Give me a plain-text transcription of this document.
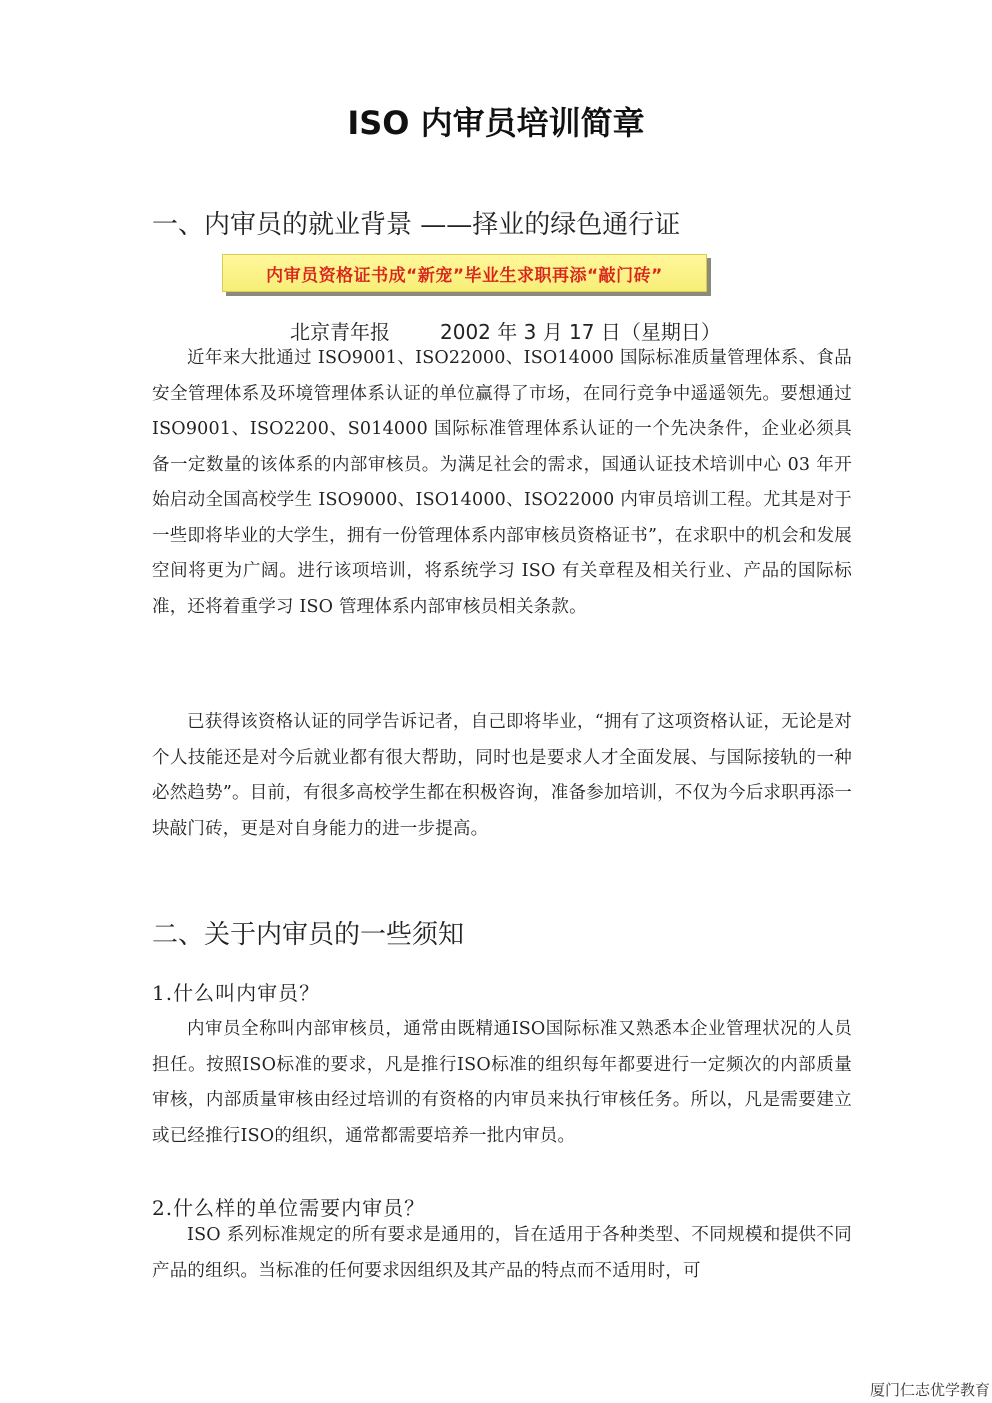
ISO 内审员培训简章
一、内审员的就业背景 ——择业的绿色通行证
内审员资格证书成“新宠”毕业生求职再添“敲门砖”
北京青年报	2002 年 3 月 17 日（星期日）

近年来大批通过 ISO9001、ISO22000、ISO14000 国际标准质量管理体系、食品安全管理体系及环境管理体系认证的单位赢得了市场，在同行竞争中遥遥领先。要想通过 ISO9001、ISO2200、S014000 国际标准管理体系认证的一个先决条件，企业必须具备一定数量的该体系的内部审核员。为满足社会的需求，国通认证技术培训中心 03 年开始启动全国高校学生 ISO9000、ISO14000、ISO22000 内审员培训工程。尤其是对于一些即将毕业的大学生，拥有一份管理体系内部审核员资格证书”，在求职中的机会和发展空间将更为广阔。进行该项培训，将系统学习 ISO 有关章程及相关行业、产品的国际标准，还将着重学习 ISO 管理体系内部审核员相关条款。

已获得该资格认证的同学告诉记者，自己即将毕业，“拥有了这项资格认证，无论是对个人技能还是对今后就业都有很大帮助，同时也是要求人才全面发展、与国际接轨的一种必然趋势”。目前，有很多高校学生都在积极咨询，准备参加培训，不仅为今后求职再添一块敲门砖，更是对自身能力的进一步提高。

二、关于内审员的一些须知
1.什么叫内审员？

内审员全称叫内部审核员，通常由既精通ISO国际标准又熟悉本企业管理状况的人员担任。按照ISO标准的要求，凡是推行ISO标准的组织每年都要进行一定频次的内部质量审核，内部质量审核由经过培训的有资格的内审员来执行审核任务。所以，凡是需要建立或已经推行ISO的组织，通常都需要培养一批内审员。

2.什么样的单位需要内审员？

ISO 系列标准规定的所有要求是通用的，旨在适用于各种类型、不同规模和提供不同产品的组织。当标准的任何要求因组织及其产品的特点而不适用时，可

厦门仁志优学教育
